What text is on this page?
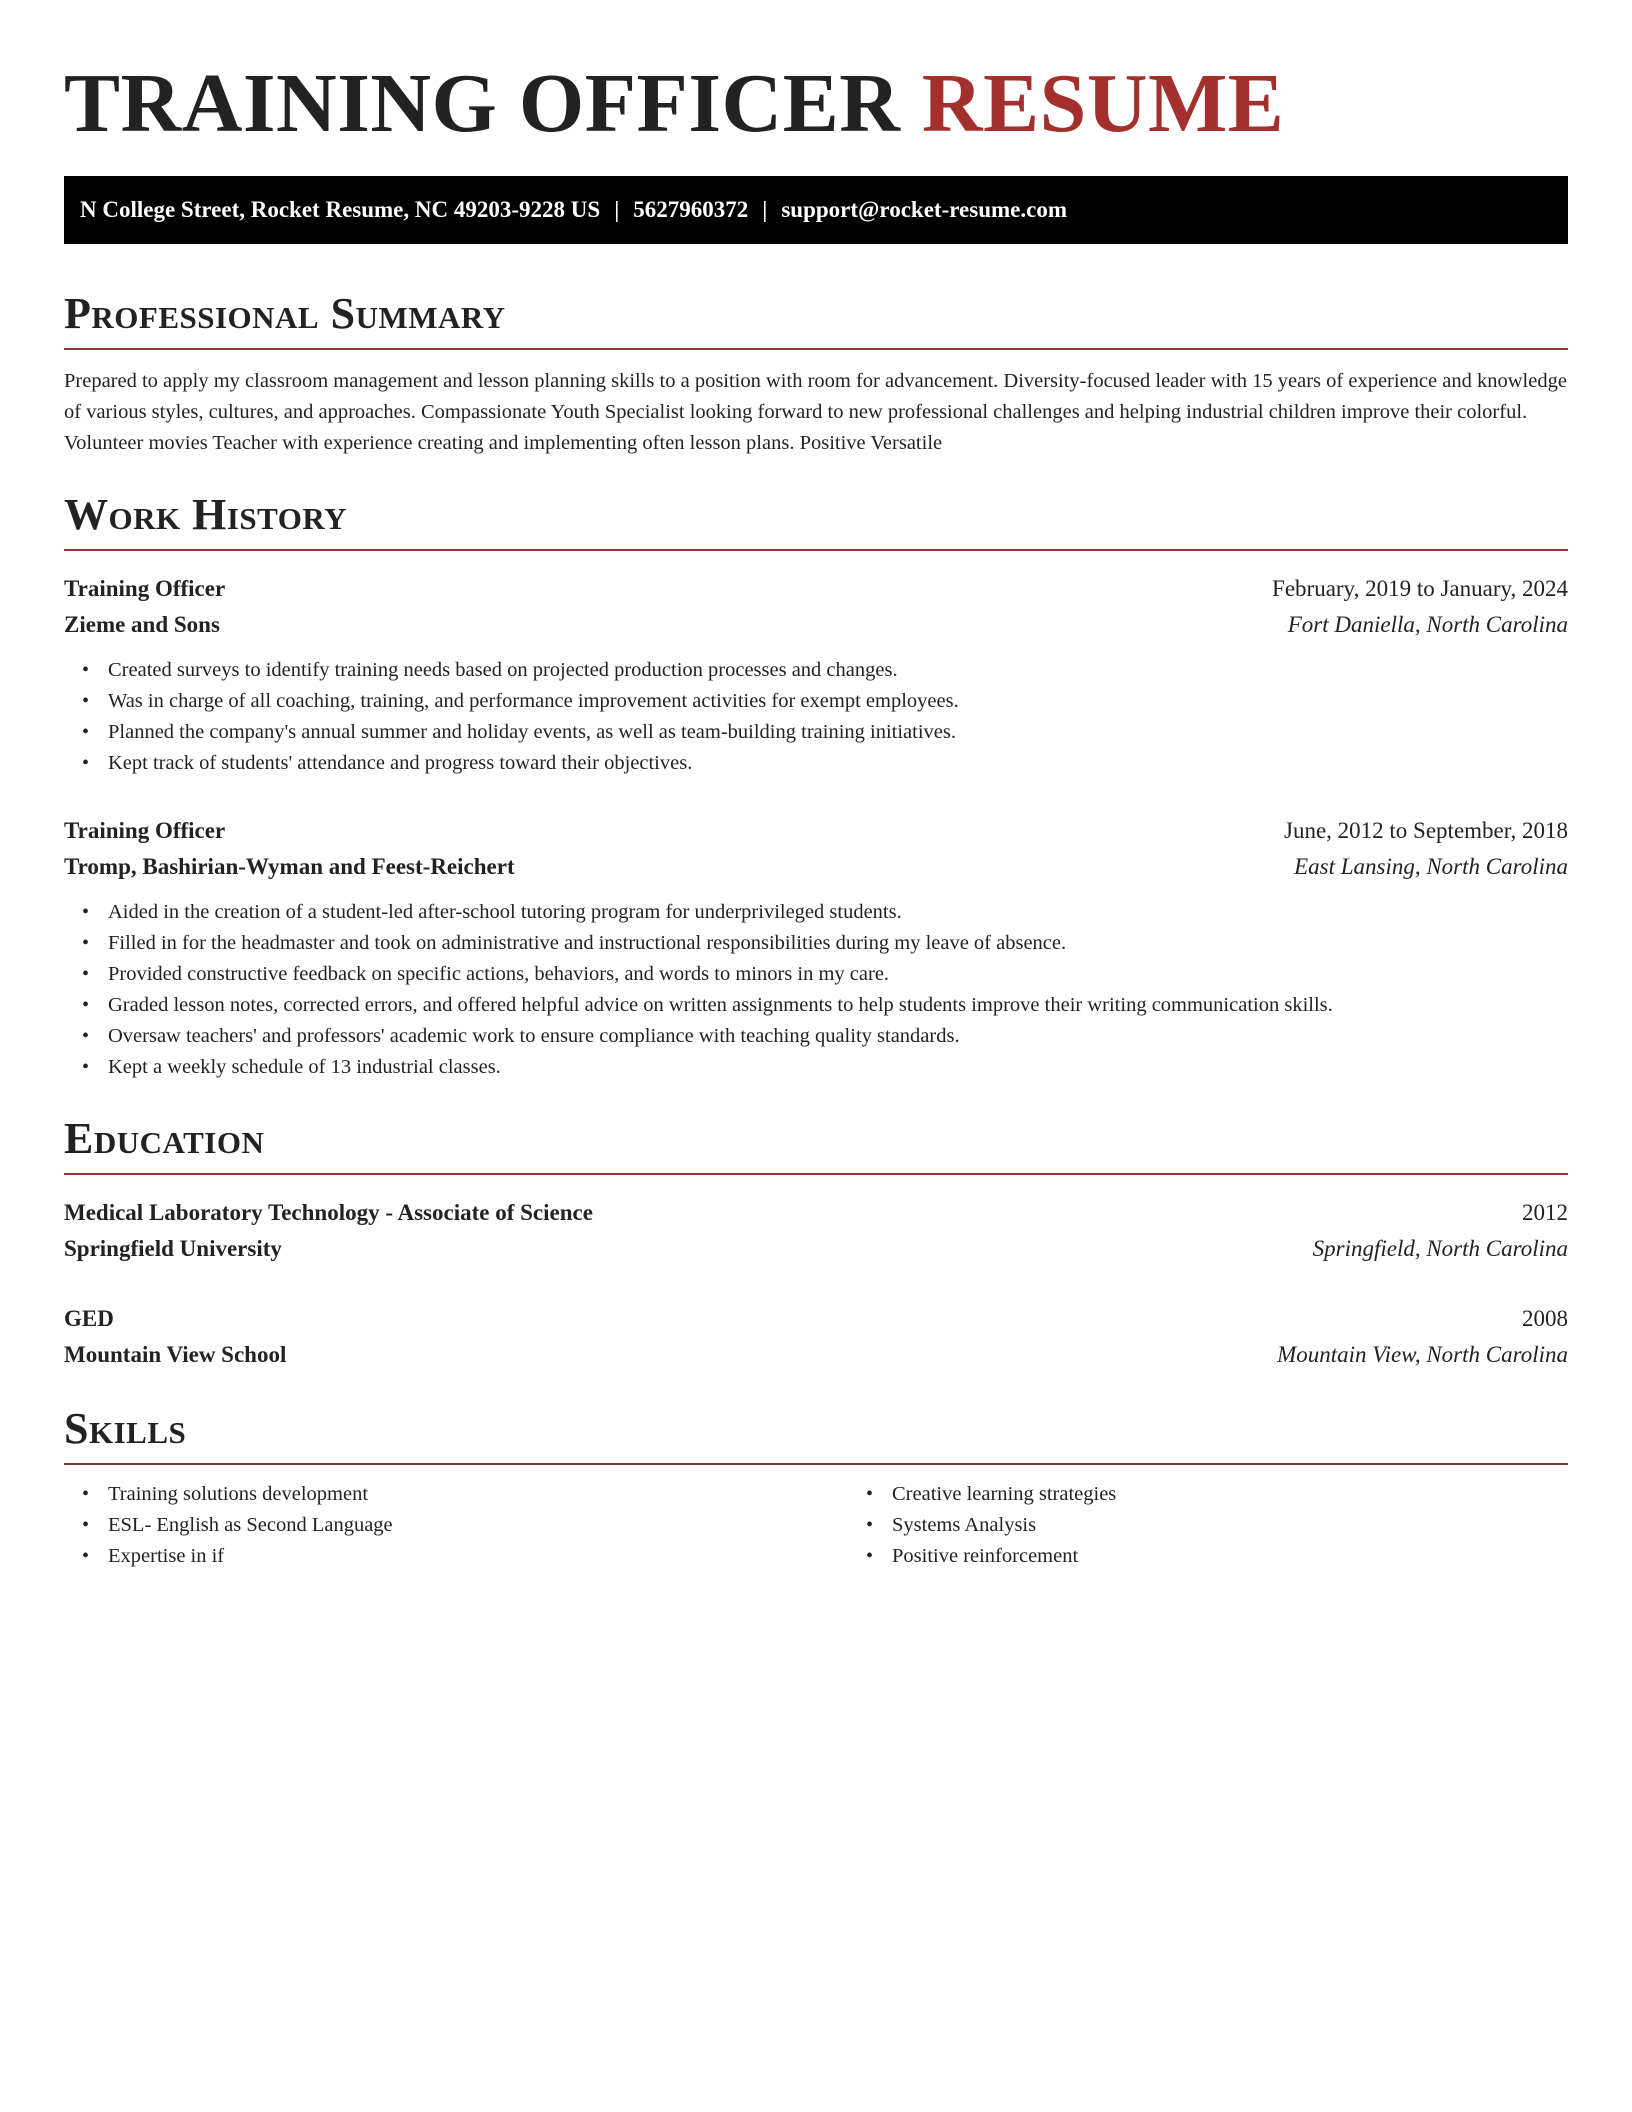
TRAINING OFFICER RESUME
N College Street, Rocket Resume, NC 49203-9228 US | 5627960372 | support@rocket-resume.com
Professional Summary

Prepared to apply my classroom management and lesson planning skills to a position with room for advancement. Diversity-focused leader with 15 years of experience and knowledge of various styles, cultures, and approaches. Compassionate Youth Specialist looking forward to new professional challenges and helping industrial children improve their colorful. Volunteer movies Teacher with experience creating and implementing often lesson plans. Positive Versatile

Work History
Training Officer	February, 2019 to January, 2024
Zieme and Sons	Fort Daniella, North Carolina
• Created surveys to identify training needs based on projected production processes and changes.
• Was in charge of all coaching, training, and performance improvement activities for exempt employees.
• Planned the company's annual summer and holiday events, as well as team-building training initiatives.
• Kept track of students' attendance and progress toward their objectives.
Training Officer	June, 2012 to September, 2018
Tromp, Bashirian-Wyman and Feest-Reichert	East Lansing, North Carolina
• Aided in the creation of a student-led after-school tutoring program for underprivileged students.
• Filled in for the headmaster and took on administrative and instructional responsibilities during my leave of absence.
• Provided constructive feedback on specific actions, behaviors, and words to minors in my care.
• Graded lesson notes, corrected errors, and offered helpful advice on written assignments to help students improve their writing communication skills.
• Oversaw teachers' and professors' academic work to ensure compliance with teaching quality standards.
• Kept a weekly schedule of 13 industrial classes.
Education
Medical Laboratory Technology - Associate of Science	2012
Springfield University	Springfield, North Carolina
GED	2008
Mountain View School	Mountain View, North Carolina
Skills
• Training solutions development
• ESL- English as Second Language
• Expertise in if
• Creative learning strategies
• Systems Analysis
• Positive reinforcement
